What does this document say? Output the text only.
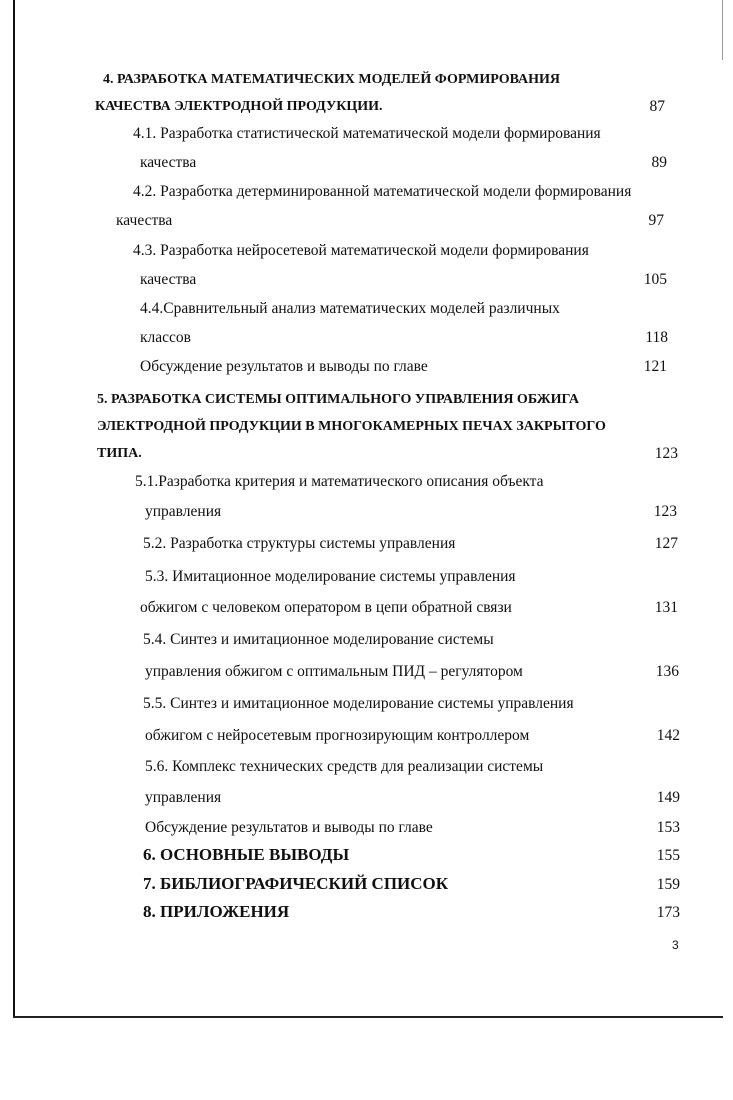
4. РАЗРАБОТКА МАТЕМАТИЧЕСКИХ МОДЕЛЕЙ ФОРМИРОВАНИЯ
КАЧЕСТВА ЭЛЕКТРОДНОЙ ПРОДУКЦИИ.	87
4.1. Разработка статистической математической модели формирования
качества	89
4.2. Разработка детерминированной математической модели формирования
качества	97
4.3. Разработка нейросетевой математической модели формирования
качества	105
4.4.Сравнительный анализ математических моделей различных
классов	118
Обсуждение результатов и выводы по главе	121
5. РАЗРАБОТКА СИСТЕМЫ ОПТИМАЛЬНОГО УПРАВЛЕНИЯ ОБЖИГА
ЭЛЕКТРОДНОЙ ПРОДУКЦИИ В МНОГОКАМЕРНЫХ ПЕЧАХ ЗАКРЫТОГО
ТИПА.	123
5.1.Разработка критерия и математического описания объекта
управления	123
5.2. Разработка структуры системы управления	127
5.3. Имитационное моделирование системы управления
обжигом с человеком оператором в цепи обратной связи	131
5.4. Синтез и имитационное моделирование системы
управления обжигом с оптимальным ПИД – регулятором	136
5.5. Синтез и имитационное моделирование системы управления
обжигом с нейросетевым прогнозирующим контроллером	142
5.6. Комплекс технических средств для реализации системы
управления	149
Обсуждение результатов и выводы по главе	153
6. ОСНОВНЫЕ ВЫВОДЫ	155
7. БИБЛИОГРАФИЧЕСКИЙ СПИСОК	159
8. ПРИЛОЖЕНИЯ	173
3
